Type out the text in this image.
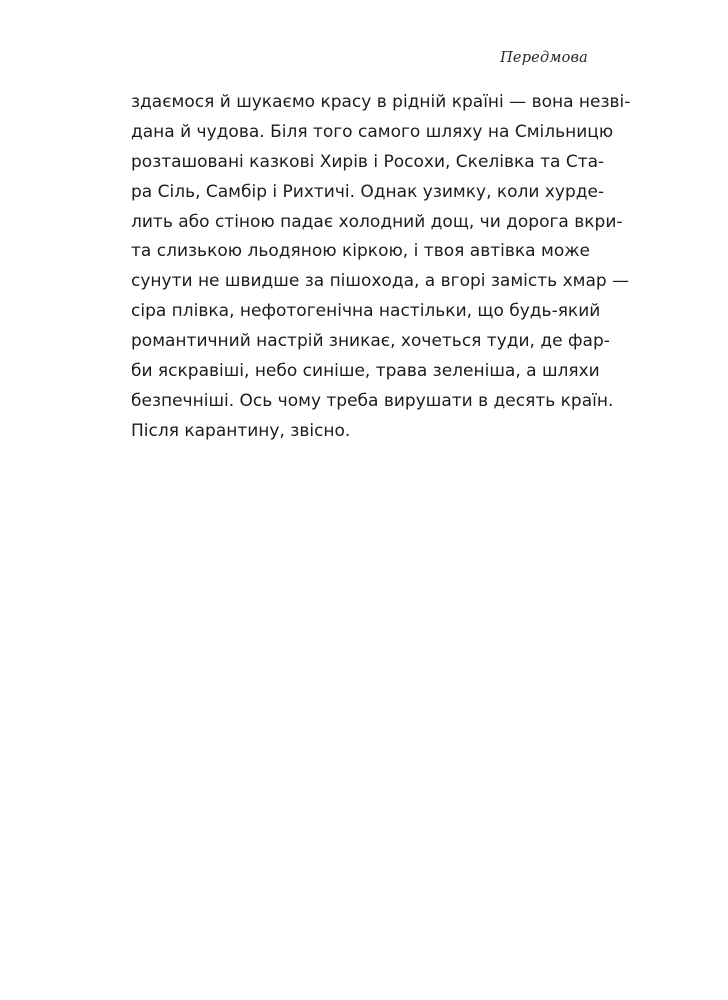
Передмова
здаємося й шукаємо красу в рідній країні — вона незві-
дана й чудова. Біля того самого шляху на Смільницю
розташовані казкові Хирів і Росохи, Скелівка та Ста-
ра Сіль, Самбір і Рихтичі. Однак узимку, коли хурде-
лить або стіною падає холодний дощ, чи дорога вкри-
та слизькою льодяною кіркою, і твоя автівка може
сунути не швидше за пішохода, а вгорі замість хмар —
сіра плівка, нефотогенічна настільки, що будь-який
романтичний настрій зникає, хочеться туди, де фар-
би яскравіші, небо синіше, трава зеленіша, а шляхи
безпечніші. Ось чому треба вирушати в десять країн.
Після карантину, звісно.
